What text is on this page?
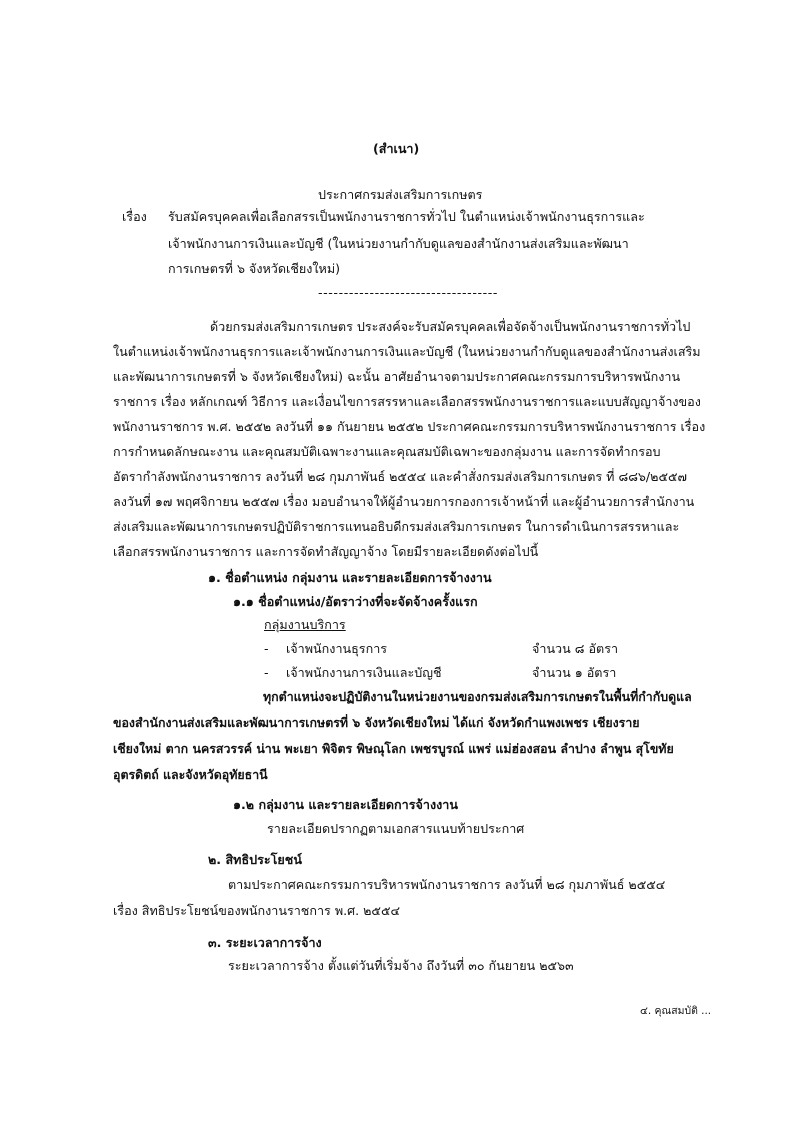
(สำเนา)

ประกาศกรมส่งเสริมการเกษตร

เรื่อง รับสมัครบุคคลเพื่อเลือกสรรเป็นพนักงานราชการทั่วไป ในตำแหน่งเจ้าพนักงานธุรการและ

เจ้าพนักงานการเงินและบัญชี (ในหน่วยงานกำกับดูแลของสำนักงานส่งเสริมและพัฒนา

การเกษตรที่ ๖ จังหวัดเชียงใหม่)

-----------------------------------

ด้วยกรมส่งเสริมการเกษตร ประสงค์จะรับสมัครบุคคลเพื่อจัดจ้างเป็นพนักงานราชการทั่วไป
ในตำแหน่งเจ้าพนักงานธุรการและเจ้าพนักงานการเงินและบัญชี (ในหน่วยงานกำกับดูแลของสำนักงานส่งเสริม
และพัฒนาการเกษตรที่ ๖ จังหวัดเชียงใหม่) ฉะนั้น อาศัยอำนาจตามประกาศคณะกรรมการบริหารพนักงาน
ราชการ เรื่อง หลักเกณฑ์ วิธีการ และเงื่อนไขการสรรหาและเลือกสรรพนักงานราชการและแบบสัญญาจ้างของ
พนักงานราชการ พ.ศ. ๒๕๕๒ ลงวันที่ ๑๑ กันยายน ๒๕๕๒ ประกาศคณะกรรมการบริหารพนักงานราชการ เรื่อง
การกำหนดลักษณะงาน และคุณสมบัติเฉพาะงานและคุณสมบัติเฉพาะของกลุ่มงาน และการจัดทำกรอบ
อัตรากำลังพนักงานราชการ ลงวันที่ ๒๘ กุมภาพันธ์ ๒๕๕๔ และคำสั่งกรมส่งเสริมการเกษตร ที่ ๘๘๖/๒๕๕๗
ลงวันที่ ๑๗ พฤศจิกายน ๒๕๕๗ เรื่อง มอบอำนาจให้ผู้อำนวยการกองการเจ้าหน้าที่ และผู้อำนวยการสำนักงาน
ส่งเสริมและพัฒนาการเกษตรปฏิบัติราชการแทนอธิบดีกรมส่งเสริมการเกษตร ในการดำเนินการสรรหาและ
เลือกสรรพนักงานราชการ และการจัดทำสัญญาจ้าง โดยมีรายละเอียดดังต่อไปนี้

๑. ชื่อตำแหน่ง กลุ่มงาน และรายละเอียดการจ้างงาน

๑.๑ ชื่อตำแหน่ง/อัตราว่างที่จะจัดจ้างครั้งแรก

กลุ่มงานบริการ

- เจ้าพนักงานธุรการ	จำนวน ๘ อัตรา

- เจ้าพนักงานการเงินและบัญชี	จำนวน ๑ อัตรา

ทุกตำแหน่งจะปฏิบัติงานในหน่วยงานของกรมส่งเสริมการเกษตรในพื้นที่กำกับดูแล
ของสำนักงานส่งเสริมและพัฒนาการเกษตรที่ ๖ จังหวัดเชียงใหม่ ได้แก่ จังหวัดกำแพงเพชร เชียงราย
เชียงใหม่ ตาก นครสวรรค์ น่าน พะเยา พิจิตร พิษณุโลก เพชรบูรณ์ แพร่ แม่ฮ่องสอน ลำปาง ลำพูน สุโขทัย
อุตรดิตถ์ และจังหวัดอุทัยธานี

๑.๒ กลุ่มงาน และรายละเอียดการจ้างงาน

รายละเอียดปรากฏตามเอกสารแนบท้ายประกาศ

๒. สิทธิประโยชน์

ตามประกาศคณะกรรมการบริหารพนักงานราชการ ลงวันที่ ๒๘ กุมภาพันธ์ ๒๕๕๔

เรื่อง สิทธิประโยชน์ของพนักงานราชการ พ.ศ. ๒๕๕๔

๓. ระยะเวลาการจ้าง

ระยะเวลาการจ้าง ตั้งแต่วันที่เริ่มจ้าง ถึงวันที่ ๓๐ กันยายน ๒๕๖๓

๔. คุณสมบัติ ...
